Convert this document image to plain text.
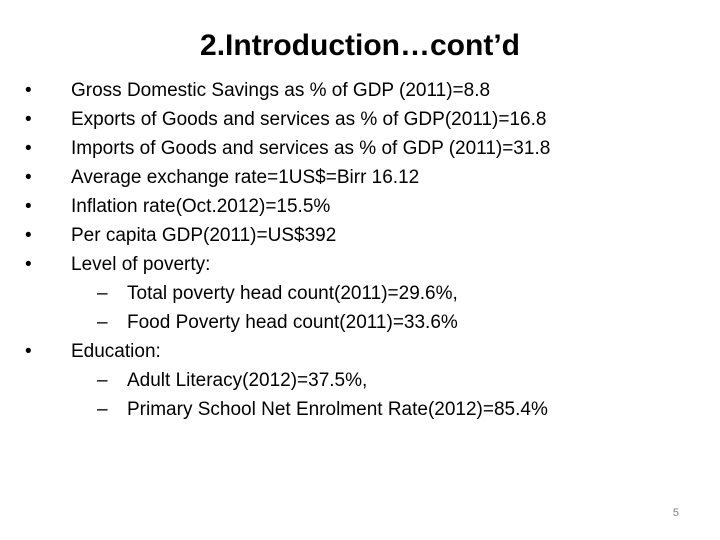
2.Introduction…cont’d
•	Gross Domestic Savings as % of GDP (2011)=8.8
•	Exports of Goods and services as % of GDP(2011)=16.8
•	Imports of Goods and services as % of GDP (2011)=31.8
•	Average exchange rate=1US$=Birr 16.12
•	Inflation rate(Oct.2012)=15.5%
•	Per capita GDP(2011)=US$392
•	Level of poverty:
–	Total poverty head count(2011)=29.6%,
–	Food Poverty head count(2011)=33.6%
•	Education:
–	Adult Literacy(2012)=37.5%,
–	Primary School Net Enrolment Rate(2012)=85.4%
5
